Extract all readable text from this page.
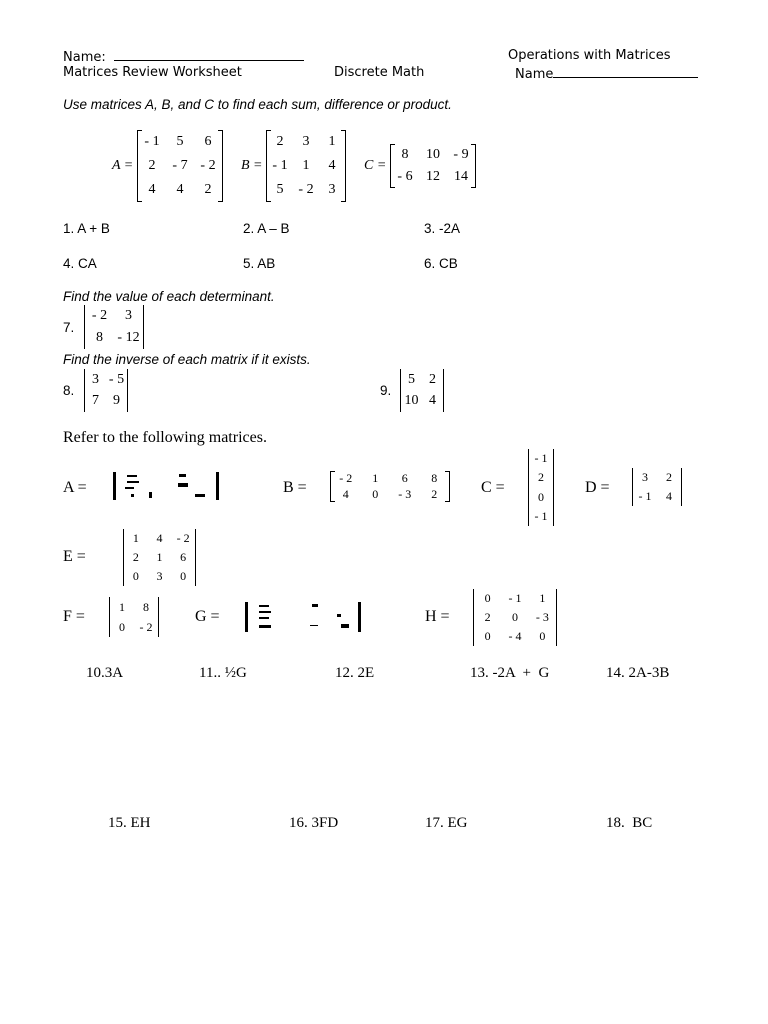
Name:
Matrices Review Worksheet	Discrete Math
Operations with Matrices
Name
Use matrices A, B, and C to find each sum, difference or product.
A =
- 1 5 6
2 - 7 - 2
4 4 2
B =
2 3 1
- 1 1 4
5 - 2 3
C =
8 10 - 9
- 6 12 14
1. A + B	2. A – B	3. -2A
4. CA	5. AB	6. CB
Find the value of each determinant.
7.
- 2 3
8 - 12
Find the inverse of each matrix if it exists.
8.
3 - 5
7 9
9.
5 2
10 4
Refer to the following matrices.
A =	B =
- 2 1 6 8
4 0 - 3 2	C =
- 1
2
0
- 1
D =
3 2
- 1 4
E =
1 4 - 2
2 1 6
0 3 0
F =
1 8
0 - 2
G =	H =
0 - 1 1
2 0 - 3
0 - 4 0
10.3A	11.. ½G	12. 2E	13. -2A  +  G	14. 2A-3B
15. EH	16. 3FD	17. EG	18.  BC
